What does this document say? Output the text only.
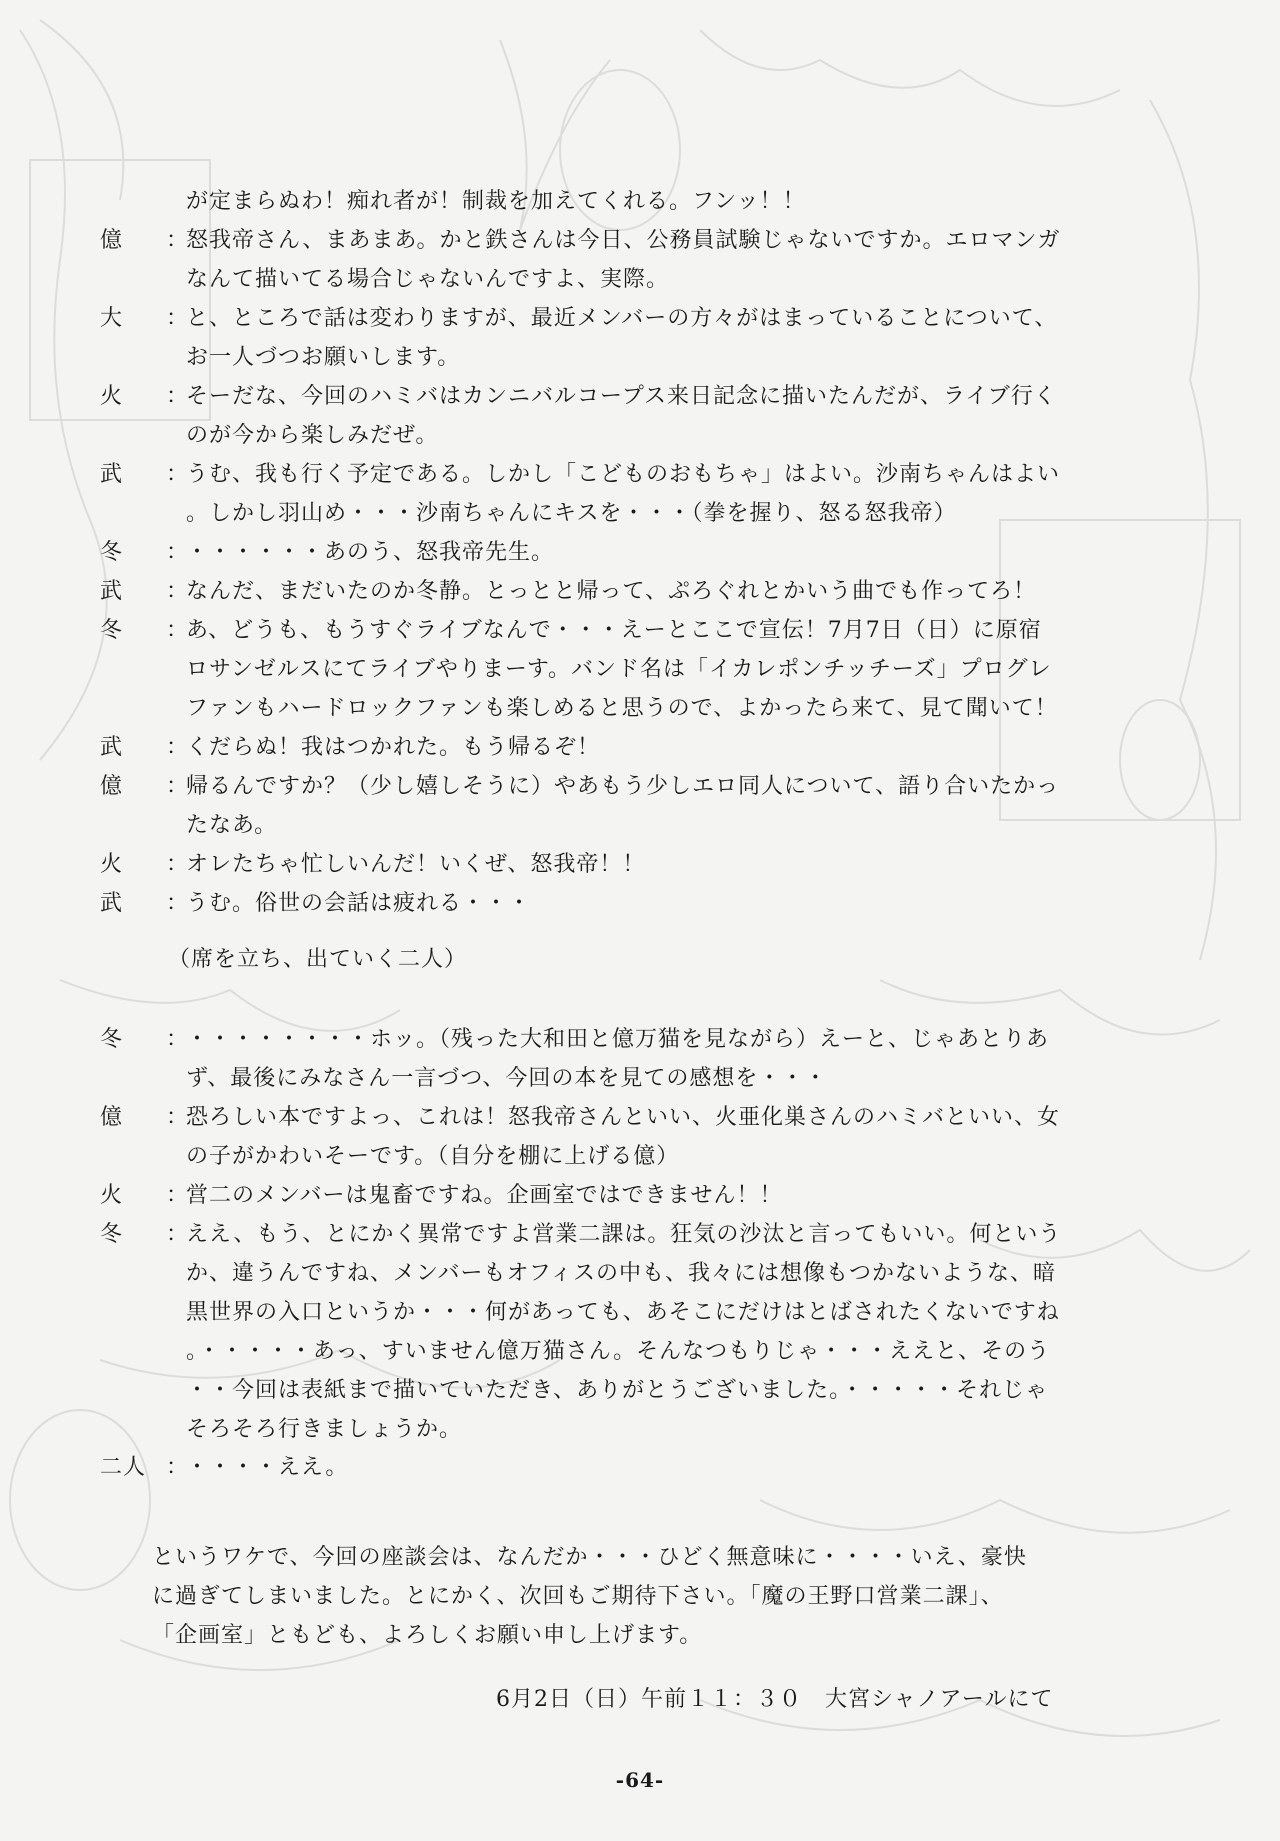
が定まらぬわ！痴れ者が！制裁を加えてくれる。フンッ！！
億	：
怒我帝さん、まあまあ。かと鉄さんは今日、公務員試験じゃないですか。エロマンガ
なんて描いてる場合じゃないんですよ、実際。
大	：
と、ところで話は変わりますが、最近メンバーの方々がはまっていることについて、
お一人づつお願いします。
火	：
そーだな、今回のハミバはカンニバルコープス来日記念に描いたんだが、ライブ行く
のが今から楽しみだぜ。
武	：
うむ、我も行く予定である。しかし「こどものおもちゃ」はよい。沙南ちゃんはよい
。しかし羽山め・・・沙南ちゃんにキスを・・・（拳を握り、怒る怒我帝）
冬	：
・・・・・・あのう、怒我帝先生。
武	：
なんだ、まだいたのか冬静。とっとと帰って、ぷろぐれとかいう曲でも作ってろ！
冬	：
あ、どうも、もうすぐライブなんで・・・えーとここで宣伝！7月7日（日）に原宿
ロサンゼルスにてライブやりまーす。バンド名は「イカレポンチッチーズ」プログレ
ファンもハードロックファンも楽しめると思うので、よかったら来て、見て聞いて！
武	：
くだらぬ！我はつかれた。もう帰るぞ！
億	：
帰るんですか？（少し嬉しそうに）やあもう少しエロ同人について、語り合いたかっ
たなあ。
火	：
オレたちゃ忙しいんだ！いくぜ、怒我帝！！
武	：
うむ。俗世の会話は疲れる・・・
（席を立ち、出ていく二人）
冬	：
・・・・・・・・ホッ。（残った大和田と億万猫を見ながら）えーと、じゃあとりあ
ず、最後にみなさん一言づつ、今回の本を見ての感想を・・・
億	：
恐ろしい本ですよっ、これは！怒我帝さんといい、火亜化巣さんのハミバといい、女
の子がかわいそーです。（自分を棚に上げる億）
火	：
営二のメンバーは鬼畜ですね。企画室ではできません！！
冬	：
ええ、もう、とにかく異常ですよ営業二課は。狂気の沙汰と言ってもいい。何という
か、違うんですね、メンバーもオフィスの中も、我々には想像もつかないような、暗
黒世界の入口というか・・・何があっても、あそこにだけはとばされたくないですね
。・・・・・あっ、すいません億万猫さん。そんなつもりじゃ・・・ええと、そのう
・・今回は表紙まで描いていただき、ありがとうございました。・・・・・それじゃ
そろそろ行きましょうか。
二人 ：
・・・・ええ。
というワケで、今回の座談会は、なんだか・・・ひどく無意味に・・・・いえ、豪快
に過ぎてしまいました。とにかく、次回もご期待下さい。「魔の王野口営業二課」、
「企画室」ともども、よろしくお願い申し上げます。
6月2日（日）午前１１：３０　大宮シャノアールにて
-64-
